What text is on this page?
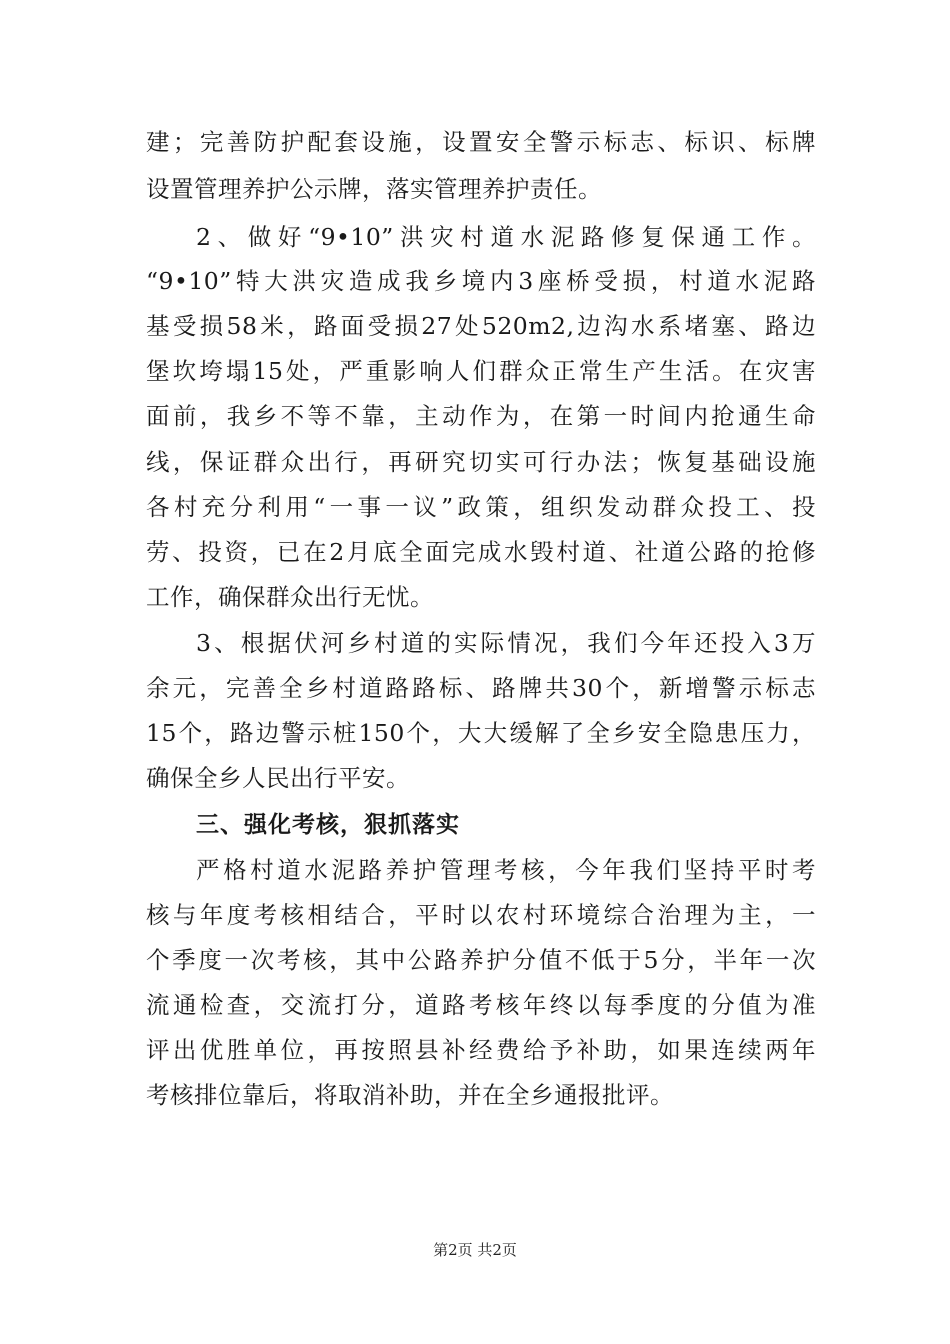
建；完善防护配套设施，设置安全警示标志、标识、标牌
设置管理养护公示牌，落实管理养护责任。
2、做好“9•10”洪灾村道水泥路修复保通工作。
“9•10”特大洪灾造成我乡境内3座桥受损，村道水泥路
基受损58米，路面受损27处520m2,边沟水系堵塞、路边
堡坎垮塌15处，严重影响人们群众正常生产生活。在灾害
面前，我乡不等不靠，主动作为，在第一时间内抢通生命
线，保证群众出行，再研究切实可行办法；恢复基础设施
各村充分利用“一事一议”政策，组织发动群众投工、投
劳、投资，已在2月底全面完成水毁村道、社道公路的抢修
工作，确保群众出行无忧。
3、根据伏河乡村道的实际情况，我们今年还投入3万
余元，完善全乡村道路路标、路牌共30个，新增警示标志
15个，路边警示桩150个，大大缓解了全乡安全隐患压力，
确保全乡人民出行平安。
三、强化考核，狠抓落实
严格村道水泥路养护管理考核，今年我们坚持平时考
核与年度考核相结合，平时以农村环境综合治理为主，一
个季度一次考核，其中公路养护分值不低于5分，半年一次
流通检查，交流打分，道路考核年终以每季度的分值为准
评出优胜单位，再按照县补经费给予补助，如果连续两年
考核排位靠后，将取消补助，并在全乡通报批评。
第2页 共2页
